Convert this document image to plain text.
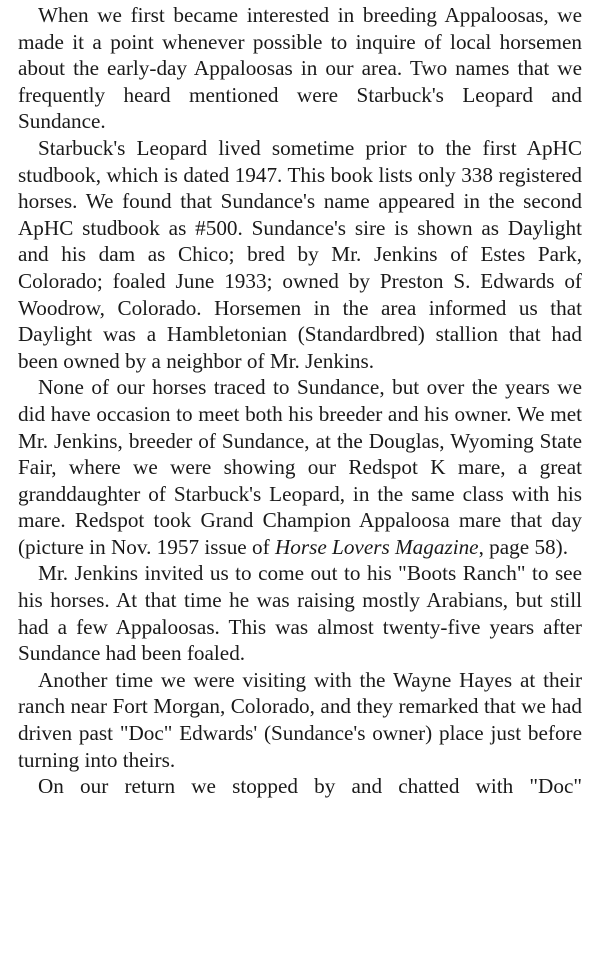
When we first became interested in breeding Appaloosas, we made it a point whenever possible to inquire of local horsemen about the early-day Appaloosas in our area. Two names that we frequently heard mentioned were Starbuck's Leopard and Sundance.

Starbuck's Leopard lived sometime prior to the first ApHC studbook, which is dated 1947. This book lists only 338 registered horses. We found that Sundance's name appeared in the second ApHC studbook as #500. Sundance's sire is shown as Daylight and his dam as Chico; bred by Mr. Jenkins of Estes Park, Colorado; foaled June 1933; owned by Preston S. Edwards of Woodrow, Colorado. Horsemen in the area informed us that Daylight was a Hambletonian (Standardbred) stallion that had been owned by a neighbor of Mr. Jenkins.

None of our horses traced to Sundance, but over the years we did have occasion to meet both his breeder and his owner. We met Mr. Jenkins, breeder of Sundance, at the Douglas, Wyoming State Fair, where we were showing our Redspot K mare, a great granddaughter of Starbuck's Leopard, in the same class with his mare. Redspot took Grand Champion Appaloosa mare that day (picture in Nov. 1957 issue of Horse Lovers Magazine, page 58).

Mr. Jenkins invited us to come out to his "Boots Ranch" to see his horses. At that time he was raising mostly Arabians, but still had a few Appaloosas. This was almost twenty-five years after Sundance had been foaled.

Another time we were visiting with the Wayne Hayes at their ranch near Fort Morgan, Colorado, and they remarked that we had driven past "Doc" Edwards' (Sundance's owner) place just before turning into theirs.

On our return we stopped by and chatted with "Doc"
